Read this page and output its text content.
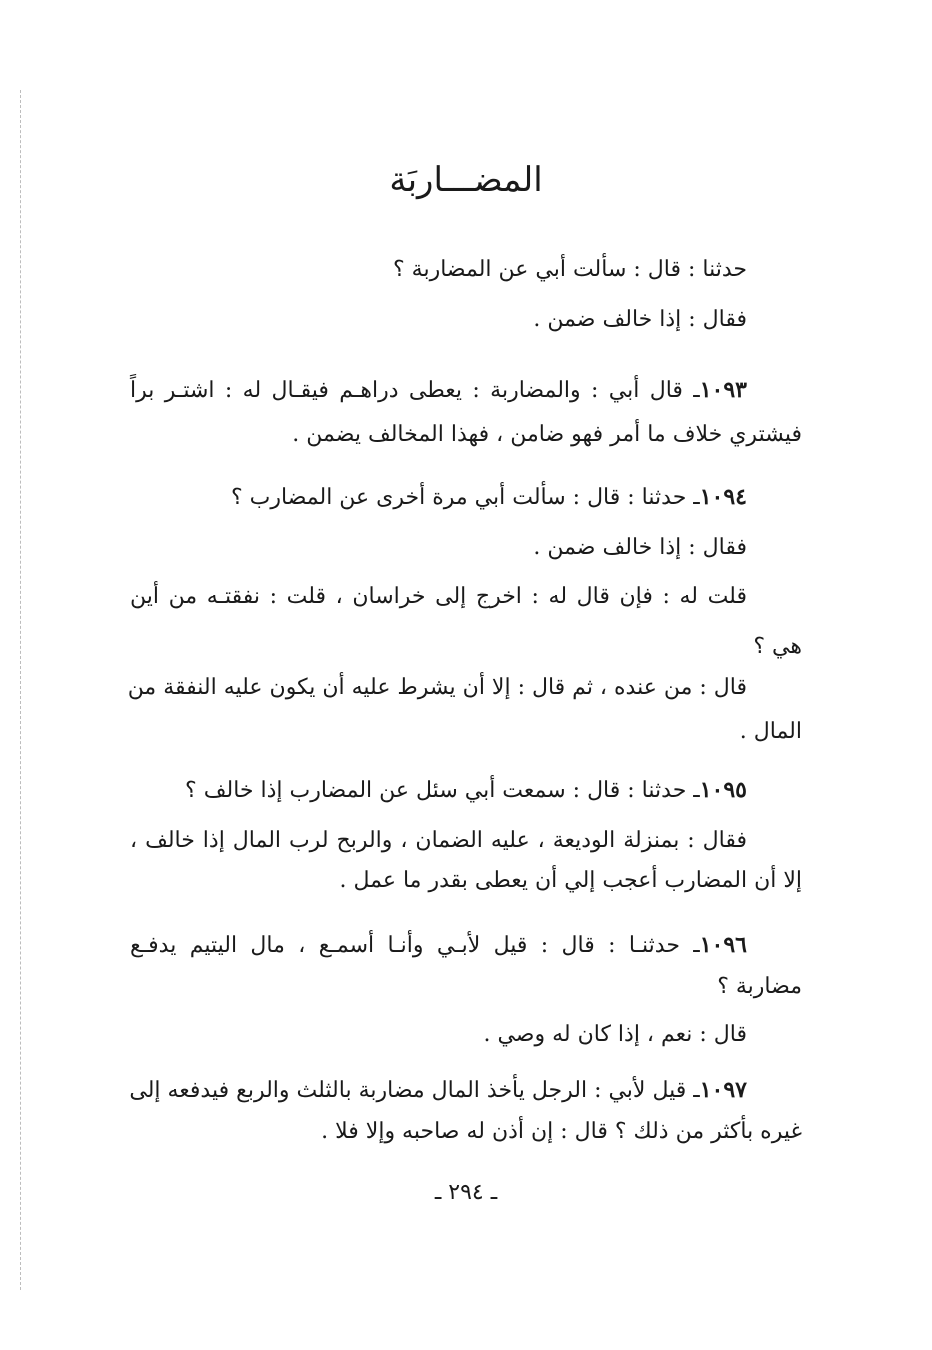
المضـــاربَة
حدثنا : قال : سألت أبي عن المضاربة ؟
فقال : إذا خالف ضمن .
١٠٩٣ـ قال أبي : والمضاربة : يعطى دراهـم فيقـال له : اشتـر براً
فيشتري خلاف ما أمر فهو ضامن ، فهذا المخالف يضمن .
١٠٩٤ـ حدثنا : قال : سألت أبي مرة أخرى عن المضارب ؟
فقال : إذا خالف ضمن .
قلت له : فإن قال له : اخرج إلى خراسان ، قلت : نفقتـه من أين
هي ؟
قال : من عنده ، ثم قال : إلا أن يشرط عليه أن يكون عليه النفقة من
المال .
١٠٩٥ـ حدثنا : قال : سمعت أبي سئل عن المضارب إذا خالف ؟
فقال : بمنزلة الوديعة ، عليه الضمان ، والربح لرب المال إذا خالف ،
إلا أن المضارب أعجب إلي أن يعطى بقدر ما عمل .
١٠٩٦ـ حدثنـا : قال : قيل لأبـي وأنـا أسمـع ، مال اليتيم يدفـع
مضاربة ؟
قال : نعم ، إذا كان له وصي .
١٠٩٧ـ قيل لأبي : الرجل يأخذ المال مضاربة بالثلث والربع فيدفعه إلى
غيره بأكثر من ذلك ؟ قال : إن أذن له صاحبه وإلا فلا .
ـ ٢٩٤ ـ
